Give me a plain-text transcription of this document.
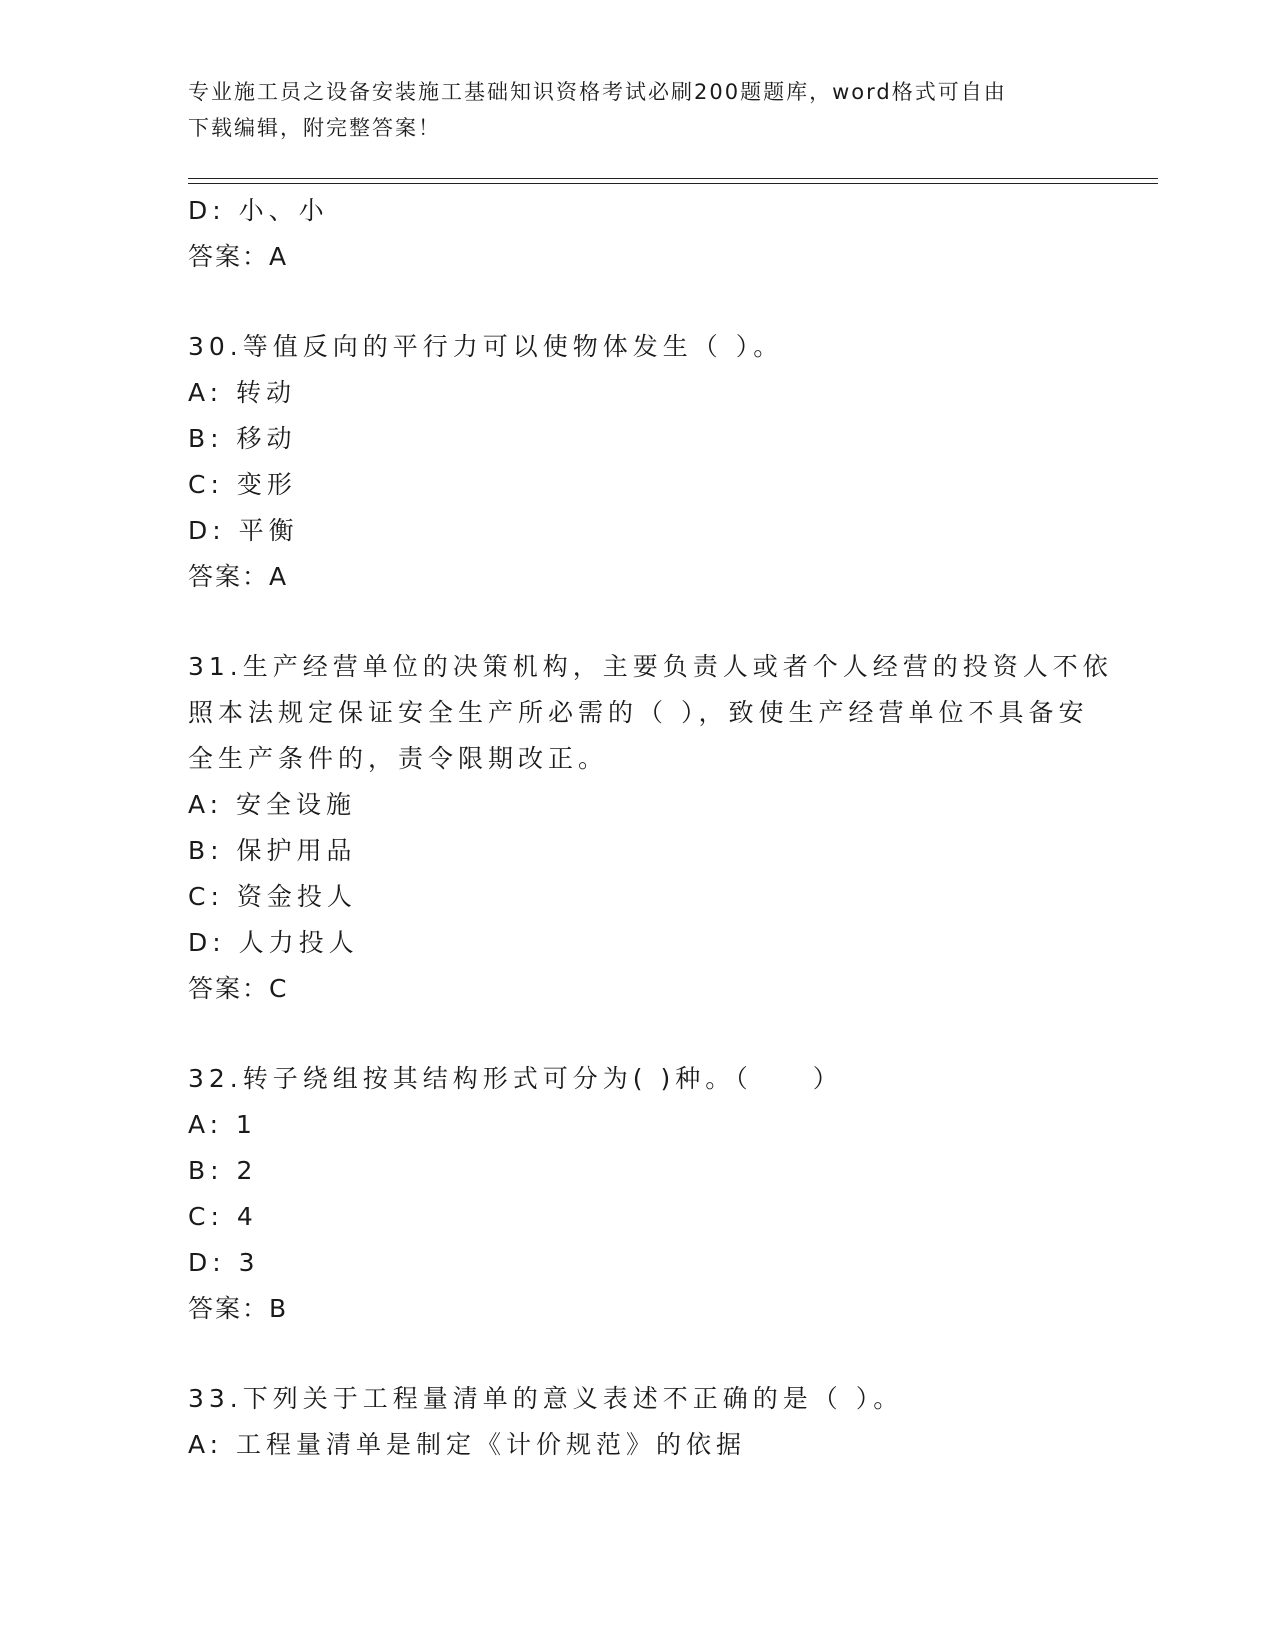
专业施工员之设备安装施工基础知识资格考试必刷200题题库，word格式可自由
下载编辑，附完整答案！
D: 小、小
答案：A
30.等值反向的平行力可以使物体发生（ ）。
A: 转动
B: 移动
C: 变形
D: 平衡
答案：A
31.生产经营单位的决策机构，主要负责人或者个人经营的投资人不依
照本法规定保证安全生产所必需的（ ），致使生产经营单位不具备安
全生产条件的，责令限期改正。
A: 安全设施
B: 保护用品
C: 资金投人
D: 人力投人
答案：C
32.转子绕组按其结构形式可分为( )种。（　　）
A: 1
B: 2
C: 4
D: 3
答案：B
33.下列关于工程量清单的意义表述不正确的是（ ）。
A: 工程量清单是制定《计价规范》的依据
